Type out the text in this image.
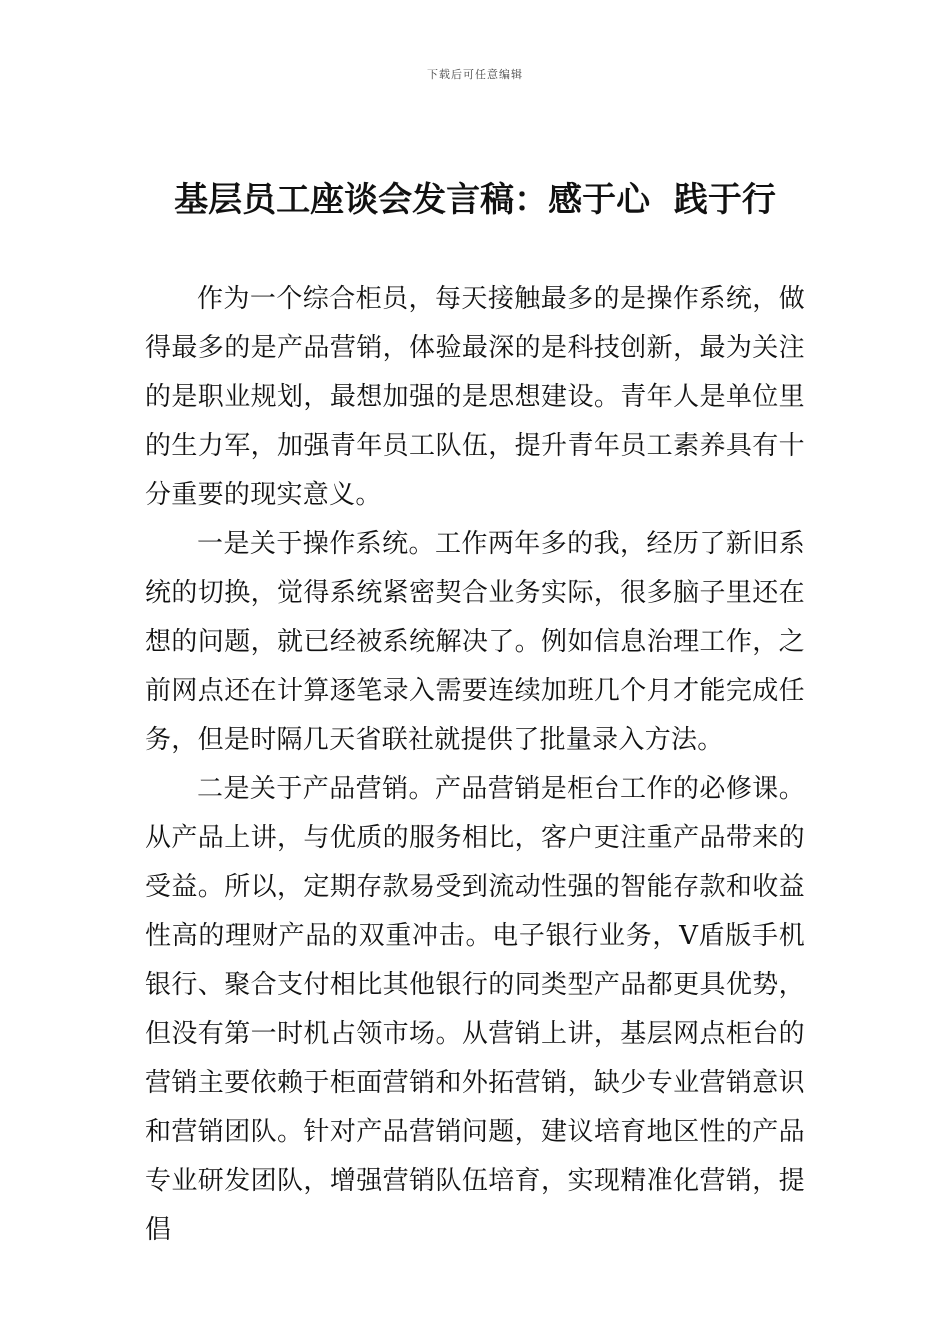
下载后可任意编辑
基层员工座谈会发言稿：感于心  践于行

作为一个综合柜员，每天接触最多的是操作系统，做得最多的是产品营销，体验最深的是科技创新，最为关注的是职业规划，最想加强的是思想建设。青年人是单位里的生力军，加强青年员工队伍，提升青年员工素养具有十分重要的现实意义。

一是关于操作系统。工作两年多的我，经历了新旧系统的切换，觉得系统紧密契合业务实际，很多脑子里还在想的问题，就已经被系统解决了。例如信息治理工作，之前网点还在计算逐笔录入需要连续加班几个月才能完成任务，但是时隔几天省联社就提供了批量录入方法。

二是关于产品营销。产品营销是柜台工作的必修课。从产品上讲，与优质的服务相比，客户更注重产品带来的受益。所以，定期存款易受到流动性强的智能存款和收益性高的理财产品的双重冲击。电子银行业务，V盾版手机银行、聚合支付相比其他银行的同类型产品都更具优势，但没有第一时机占领市场。从营销上讲，基层网点柜台的营销主要依赖于柜面营销和外拓营销，缺少专业营销意识和营销团队。针对产品营销问题，建议培育地区性的产品专业研发团队，增强营销队伍培育，实现精准化营销，提倡
